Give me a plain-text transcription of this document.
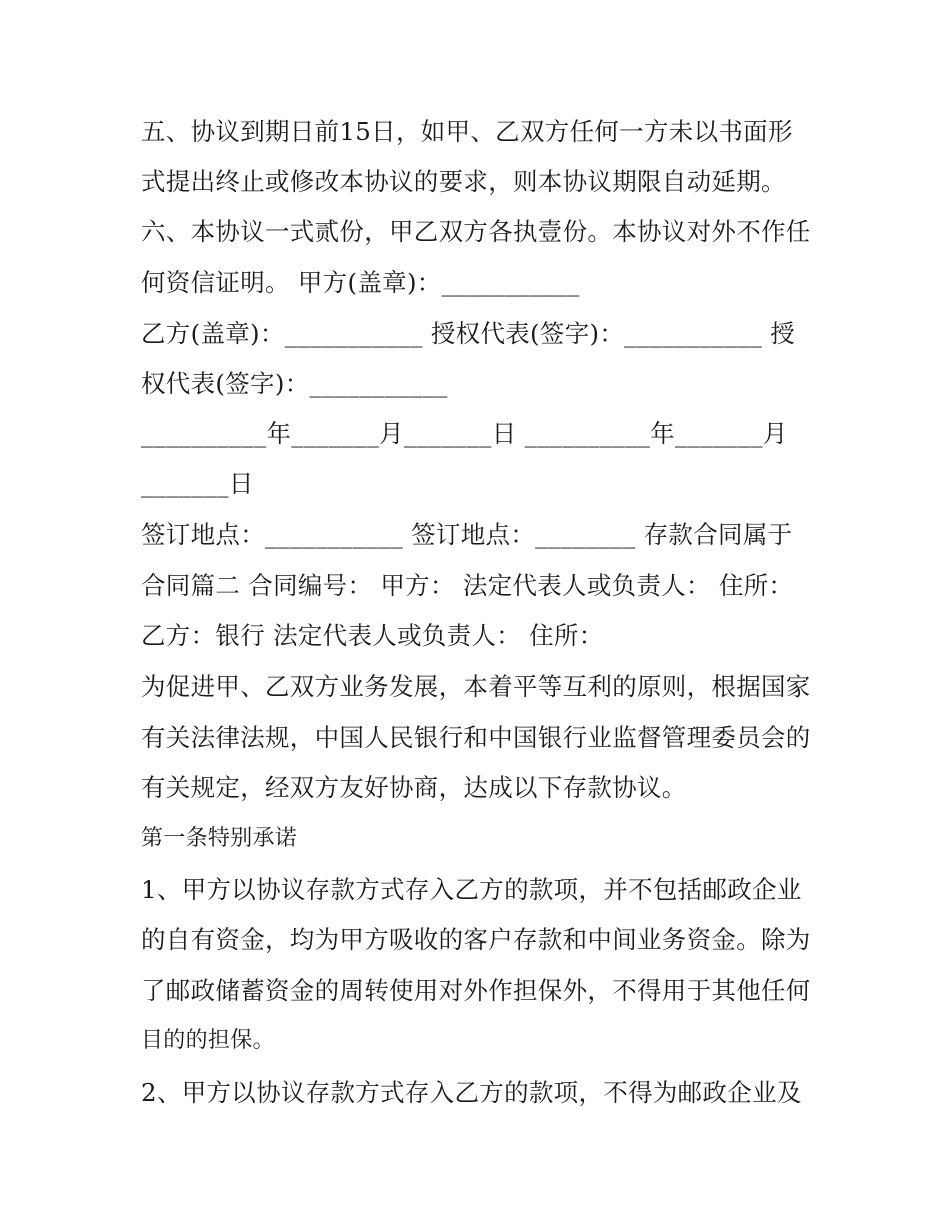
五、协议到期日前15日，如甲、乙双方任何一方未以书面形
式提出终止或修改本协议的要求，则本协议期限自动延期。
六、本协议一式贰份，甲乙双方各执壹份。本协议对外不作任
何资信证明。 甲方(盖章)：___________
乙方(盖章)：___________ 授权代表(签字)：___________ 授
权代表(签字)：___________
__________年_______月_______日 __________年_______月
_______日
签订地点：___________ 签订地点：________ 存款合同属于
合同篇二 合同编号： 甲方： 法定代表人或负责人： 住所：
乙方：银行 法定代表人或负责人： 住所：
为促进甲、乙双方业务发展，本着平等互利的原则，根据国家
有关法律法规，中国人民银行和中国银行业监督管理委员会的
有关规定，经双方友好协商，达成以下存款协议。
第一条特别承诺
1、甲方以协议存款方式存入乙方的款项，并不包括邮政企业
的自有资金，均为甲方吸收的客户存款和中间业务资金。除为
了邮政储蓄资金的周转使用对外作担保外，不得用于其他任何
目的的担保。
2、甲方以协议存款方式存入乙方的款项，不得为邮政企业及
